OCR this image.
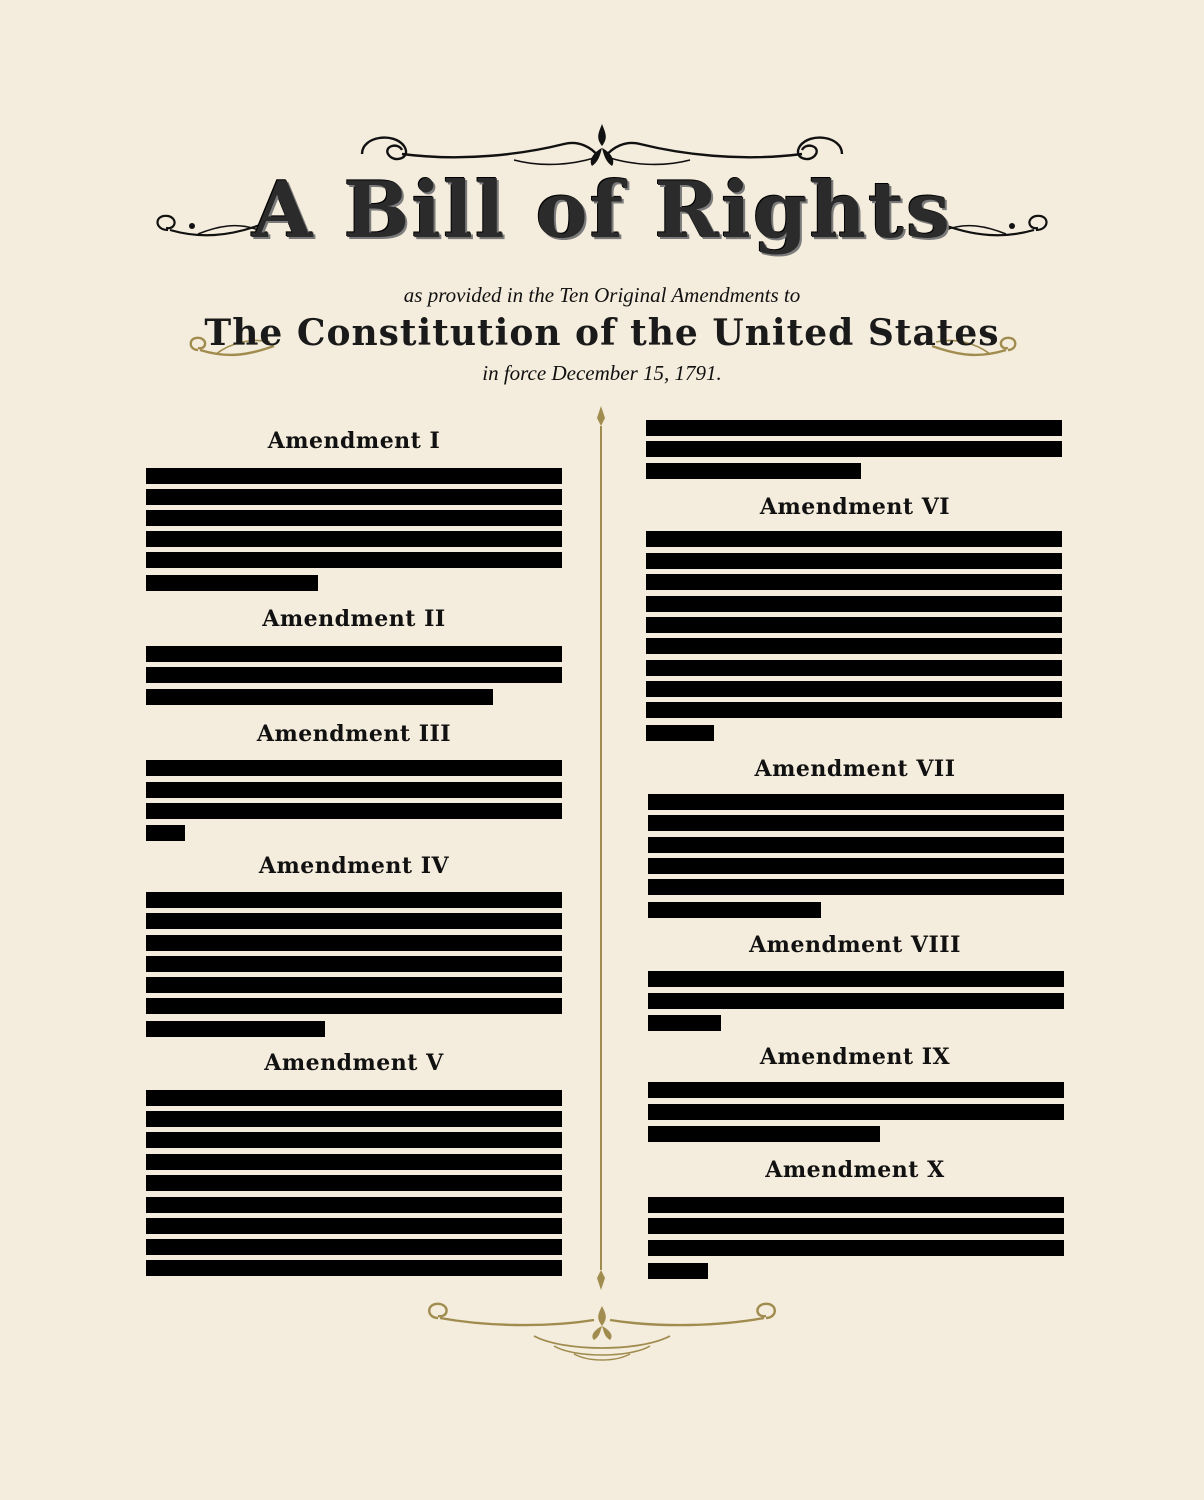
A Bill of Rights
as provided in the Ten Original Amendments to
The Constitution of the United States
in force December 15, 1791.
Amendment I
Amendment II
Amendment III
Amendment IV
Amendment V
Amendment VI
Amendment VII
Amendment VIII
Amendment IX
Amendment X
